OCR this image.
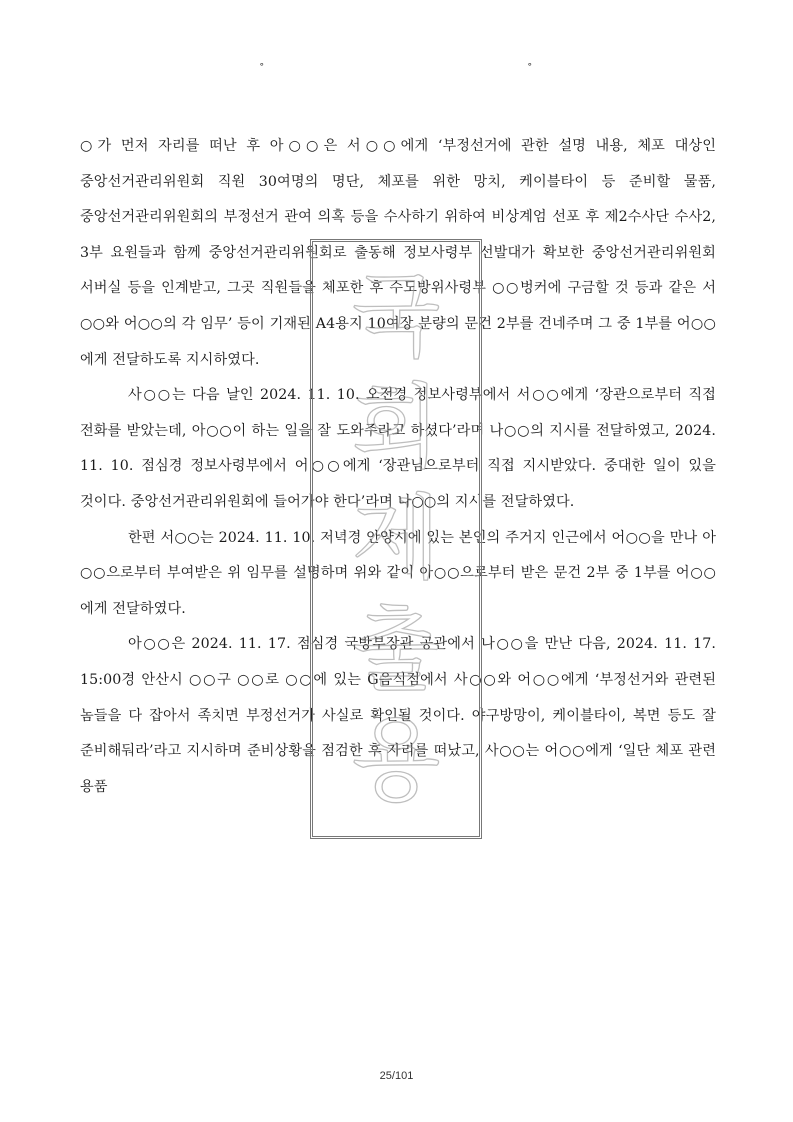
˚	˚

○가 먼저 자리를 떠난 후 아○○은 서○○에게 ‘부정선거에 관한 설명 내용, 체포 대상인 중앙선거관리위원회 직원 30여명의 명단, 체포를 위한 망치, 케이블타이 등 준비할 물품, 중앙선거관리위원회의 부정선거 관여 의혹 등을 수사하기 위하여 비상계엄 선포 후 제2수사단 수사2, 3부 요원들과 함께 중앙선거관리위원회로 출동해 정보사령부 선발대가 확보한 중앙선거관리위원회 서버실 등을 인계받고, 그곳 직원들을 체포한 후 수도방위사령부 ○○벙커에 구금할 것 등과 같은 서○○와 어○○의 각 임무’ 등이 기재된 A4용지 10여장 분량의 문건 2부를 건네주며 그 중 1부를 어○○에게 전달하도록 지시하였다.

사○○는 다음 날인 2024. 11. 10. 오전경 정보사령부에서 서○○에게 ‘장관으로부터 직접 전화를 받았는데, 아○○이 하는 일을 잘 도와주라고 하셨다’라며 나○○의 지시를 전달하였고, 2024. 11. 10. 점심경 정보사령부에서 어○○에게 ‘장관님으로부터 직접 지시받았다. 중대한 일이 있을 것이다. 중앙선거관리위원회에 들어가야 한다’라며 나○○의 지시를 전달하였다.

한편 서○○는 2024. 11. 10. 저녁경 안양시에 있는 본인의 주거지 인근에서 어○○을 만나 아○○으로부터 부여받은 위 임무를 설명하며 위와 같이 아○○으로부터 받은 문건 2부 중 1부를 어○○에게 전달하였다.

아○○은 2024. 11. 17. 점심경 국방부장관 공관에서 나○○을 만난 다음, 2024. 11. 17. 15:00경 안산시 ○○구 ○○로 ○○에 있는 G음식점에서 사○○와 어○○에게 ‘부정선거와 관련된 놈들을 다 잡아서 족치면 부정선거가 사실로 확인될 것이다. 야구방망이, 케이블타이, 복면 등도 잘 준비해둬라’라고 지시하며 준비상황을 점검한 후 자리를 떠났고, 사○○는 어○○에게 ‘일단 체포 관련 용품

국
회
제
출
용
25/101
